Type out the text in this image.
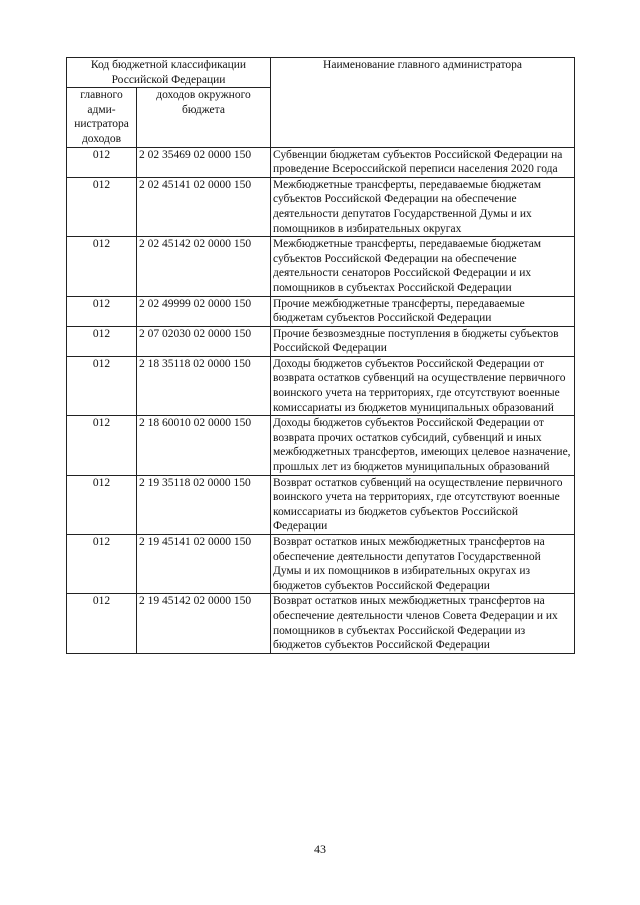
Код бюджетной классификации Российской Федерации		Наименование главного администратора
главного адми-нистратора доходов	доходов окружного бюджета	
012	2 02 35469 02 0000 150	Субвенции бюджетам субъектов Российской Федерации на проведение Всероссийской переписи населения 2020 года
012	2 02 45141 02 0000 150	Межбюджетные трансферты, передаваемые бюджетам субъектов Российской Федерации на обеспечение деятельности депутатов Государственной Думы и их помощников в избирательных округах
012	2 02 45142 02 0000 150	Межбюджетные трансферты, передаваемые бюджетам субъектов Российской Федерации на обеспечение деятельности сенаторов Российской Федерации и их помощников в субъектах Российской Федерации
012	2 02 49999 02 0000 150	Прочие межбюджетные трансферты, передаваемые бюджетам субъектов Российской Федерации
012	2 07 02030 02 0000 150	Прочие безвозмездные поступления в бюджеты субъектов Российской Федерации
012	2 18 35118 02 0000 150	Доходы бюджетов субъектов Российской Федерации от возврата остатков субвенций на осуществление первичного воинского учета на территориях, где отсутствуют военные комиссариаты из бюджетов муниципальных образований
012	2 18 60010 02 0000 150	Доходы бюджетов субъектов Российской Федерации от возврата прочих остатков субсидий, субвенций и иных межбюджетных трансфертов, имеющих целевое назначение, прошлых лет из бюджетов муниципальных образований
012	2 19 35118 02 0000 150	Возврат остатков субвенций на осуществление первичного воинского учета на территориях, где отсутствуют военные комиссариаты из бюджетов субъектов Российской Федерации
012	2 19 45141 02 0000 150	Возврат остатков иных межбюджетных трансфертов на обеспечение деятельности депутатов Государственной Думы и их помощников в избирательных округах из бюджетов субъектов Российской Федерации
012	2 19 45142 02 0000 150	Возврат остатков иных межбюджетных трансфертов на обеспечение деятельности членов Совета Федерации и их помощников в субъектах Российской Федерации из бюджетов субъектов Российской Федерации
43
